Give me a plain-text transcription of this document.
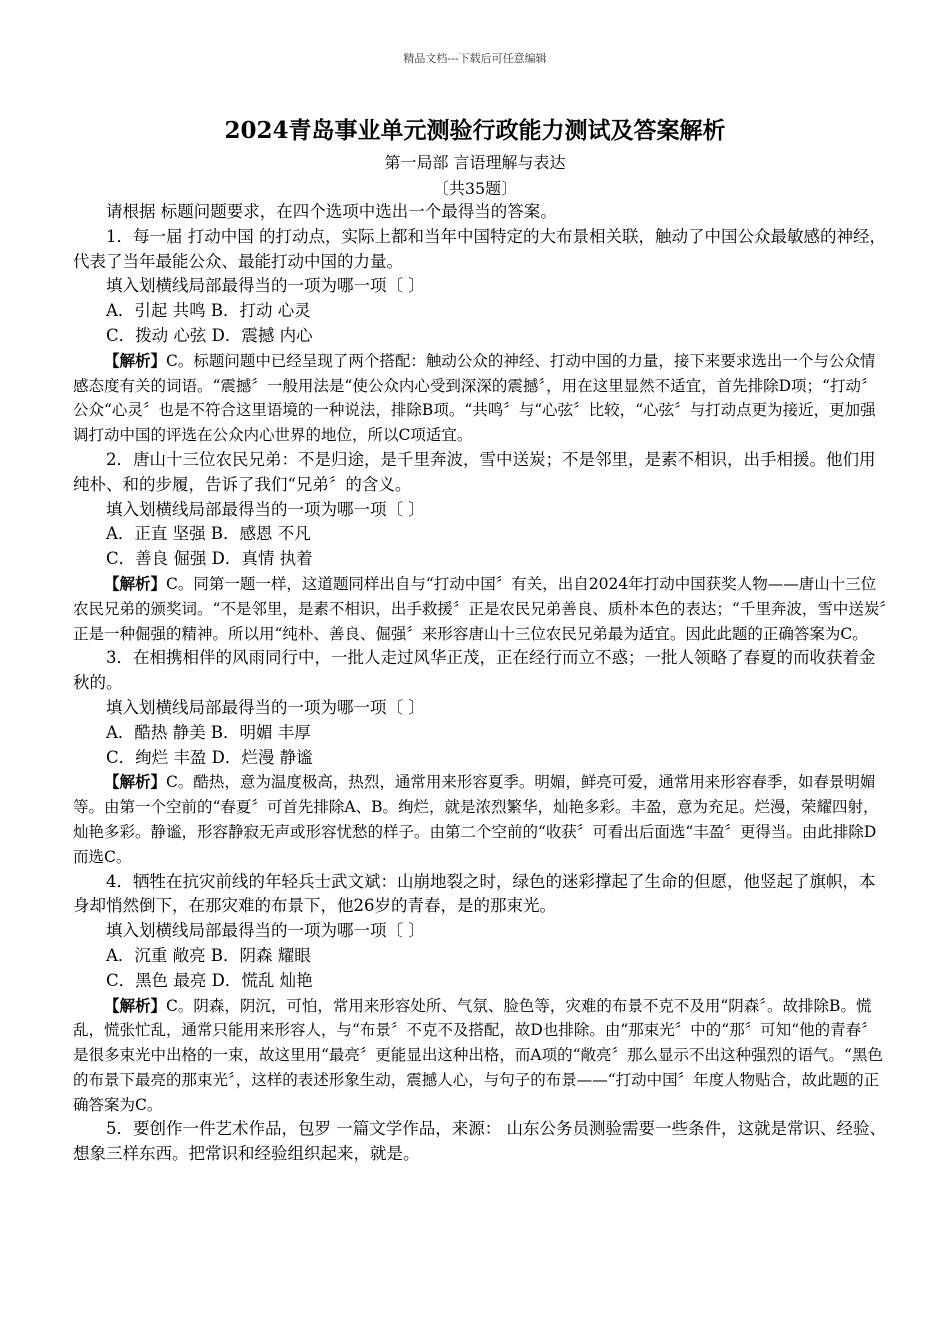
精品文档---下载后可任意编辑
2024青岛事业单元测验行政能力测试及答案解析
第一局部 言语理解与表达
〔共35题〕

请根据 标题问题要求，在四个选项中选出一个最得当的答案。

1．每一届 打动中国 的打动点，实际上都和当年中国特定的大布景相关联，触动了中国公众最敏感的神经，代表了当年最能公众、最能打动中国的力量。

填入划横线局部最得当的一项为哪一项〔 〕

A．引起 共鸣 B．打动 心灵

C．拨动 心弦 D．震撼 内心

【解析】C。标题问题中已经呈现了两个搭配：触动公众的神经、打动中国的力量，接下来要求选出一个与公众情感态度有关的词语。“震撼〞一般用法是“使公众内心受到深深的震撼〞，用在这里显然不适宜，首先排除D项；“打动〞公众“心灵〞也是不符合这里语境的一种说法，排除B项。“共鸣〞与“心弦〞比较，“心弦〞与打动点更为接近，更加强调打动中国的评选在公众内心世界的地位，所以C项适宜。

2．唐山十三位农民兄弟：不是归途，是千里奔波，雪中送炭；不是邻里，是素不相识，出手相援。他们用纯朴、和的步履，告诉了我们“兄弟〞的含义。

填入划横线局部最得当的一项为哪一项〔 〕

A．正直 坚强 B．感恩 不凡

C．善良 倔强 D．真情 执着

【解析】C。同第一题一样，这道题同样出自与“打动中国〞有关，出自2024年打动中国获奖人物——唐山十三位农民兄弟的颁奖词。“不是邻里，是素不相识，出手救援〞正是农民兄弟善良、质朴本色的表达；“千里奔波，雪中送炭〞正是一种倔强的精神。所以用“纯朴、善良、倔强〞来形容唐山十三位农民兄弟最为适宜。因此此题的正确答案为C。

3．在相携相伴的风雨同行中，一批人走过风华正茂，正在经行而立不惑；一批人领略了春夏的而收获着金秋的。

填入划横线局部最得当的一项为哪一项〔 〕

A．酷热 静美 B．明媚 丰厚

C．绚烂 丰盈 D．烂漫 静谧

【解析】C。酷热，意为温度极高，热烈，通常用来形容夏季。明媚，鲜亮可爱，通常用来形容春季，如春景明媚等。由第一个空前的“春夏〞可首先排除A、B。绚烂，就是浓烈繁华，灿艳多彩。丰盈，意为充足。烂漫，荣耀四射，灿艳多彩。静谧，形容静寂无声或形容忧愁的样子。由第二个空前的“收获〞可看出后面选“丰盈〞更得当。由此排除D而选C。

4．牺牲在抗灾前线的年轻兵士武文斌：山崩地裂之时，绿色的迷彩撑起了生命的但愿，他竖起了旗帜，本身却悄然倒下，在那灾难的布景下，他26岁的青春，是的那束光。

填入划横线局部最得当的一项为哪一项〔 〕

A．沉重 敞亮 B．阴森 耀眼

C．黑色 最亮 D．慌乱 灿艳

【解析】C。阴森，阴沉，可怕，常用来形容处所、气氛、脸色等，灾难的布景不克不及用“阴森〞。故排除B。慌乱，慌张忙乱，通常只能用来形容人，与“布景〞不克不及搭配，故D也排除。由“那束光〞中的“那〞可知“他的青春〞是很多束光中出格的一束，故这里用“最亮〞更能显出这种出格，而A项的“敞亮〞那么显示不出这种强烈的语气。“黑色的布景下最亮的那束光〞，这样的表述形象生动，震撼人心，与句子的布景——“打动中国〞年度人物贴合，故此题的正确答案为C。

5．要创作一件艺术作品，包罗 一篇文学作品，来源： 山东公务员测验需要一些条件，这就是常识、经验、想象三样东西。把常识和经验组织起来，就是。
